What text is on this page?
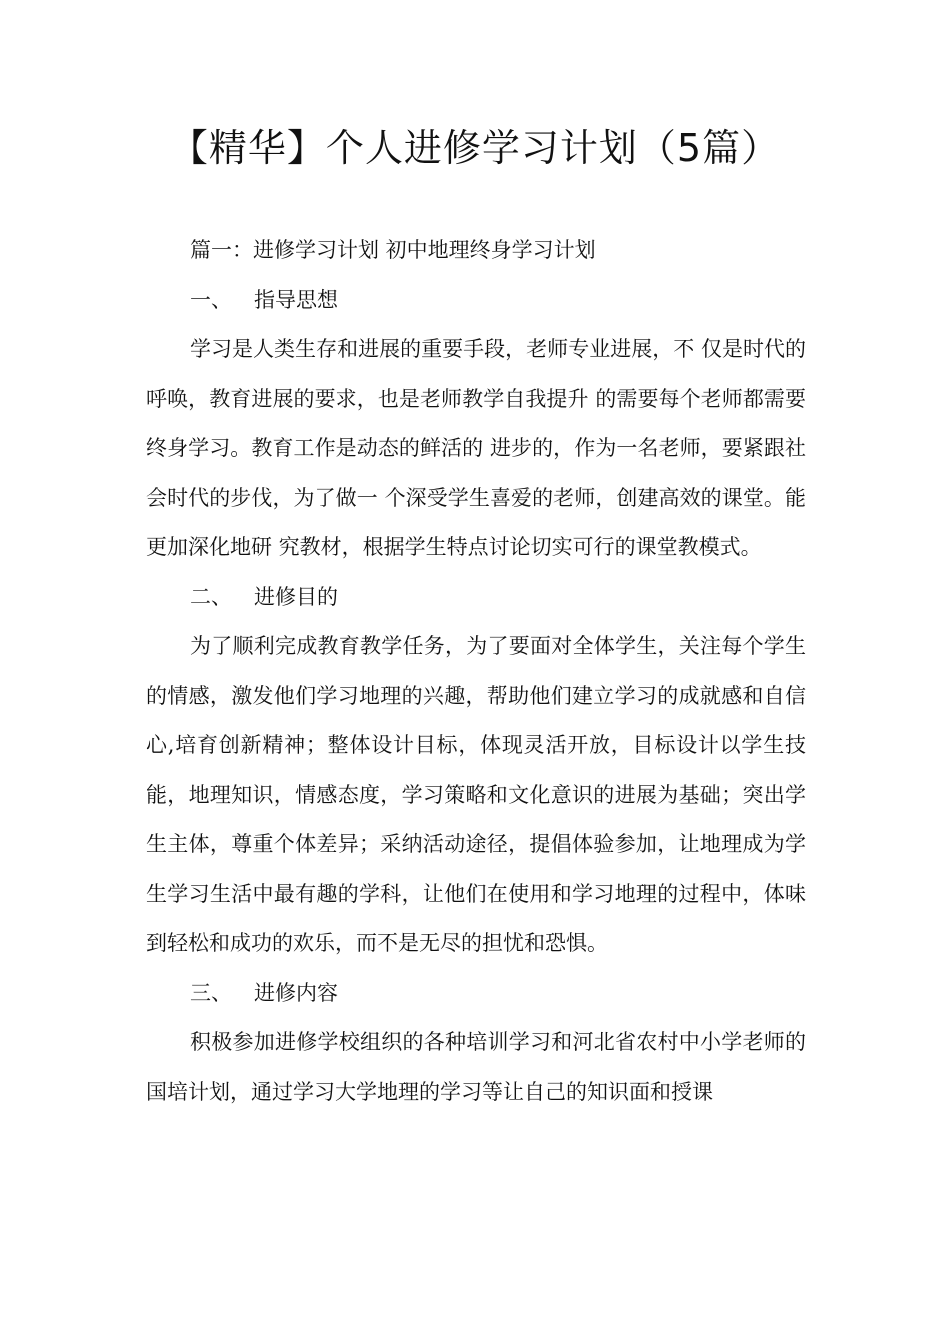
【精华】个人进修学习计划（5篇）

篇一：进修学习计划 初中地理终身学习计划

一、 指导思想

学习是人类生存和进展的重要手段，老师专业进展，不 仅是时代的呼唤，教育进展的要求，也是老师教学自我提升 的需要每个老师都需要终身学习。教育工作是动态的鲜活的 进步的，作为一名老师，要紧跟社会时代的步伐，为了做一 个深受学生喜爱的老师，创建高效的课堂。能更加深化地研 究教材，根据学生特点讨论切实可行的课堂教模式。

二、 进修目的

为了顺利完成教育教学任务，为了要面对全体学生，关注每个学生的情感，激发他们学习地理的兴趣，帮助他们建立学习的成就感和自信心,培育创新精神；整体设计目标，体现灵活开放，目标设计以学生技能，地理知识，情感态度，学习策略和文化意识的进展为基础；突出学生主体，尊重个体差异；采纳活动途径，提倡体验参加，让地理成为学生学习生活中最有趣的学科，让他们在使用和学习地理的过程中，体味到轻松和成功的欢乐，而不是无尽的担忧和恐惧。

三、 进修内容

积极参加进修学校组织的各种培训学习和河北省农村中小学老师的国培计划，通过学习大学地理的学习等让自己的知识面和授课
